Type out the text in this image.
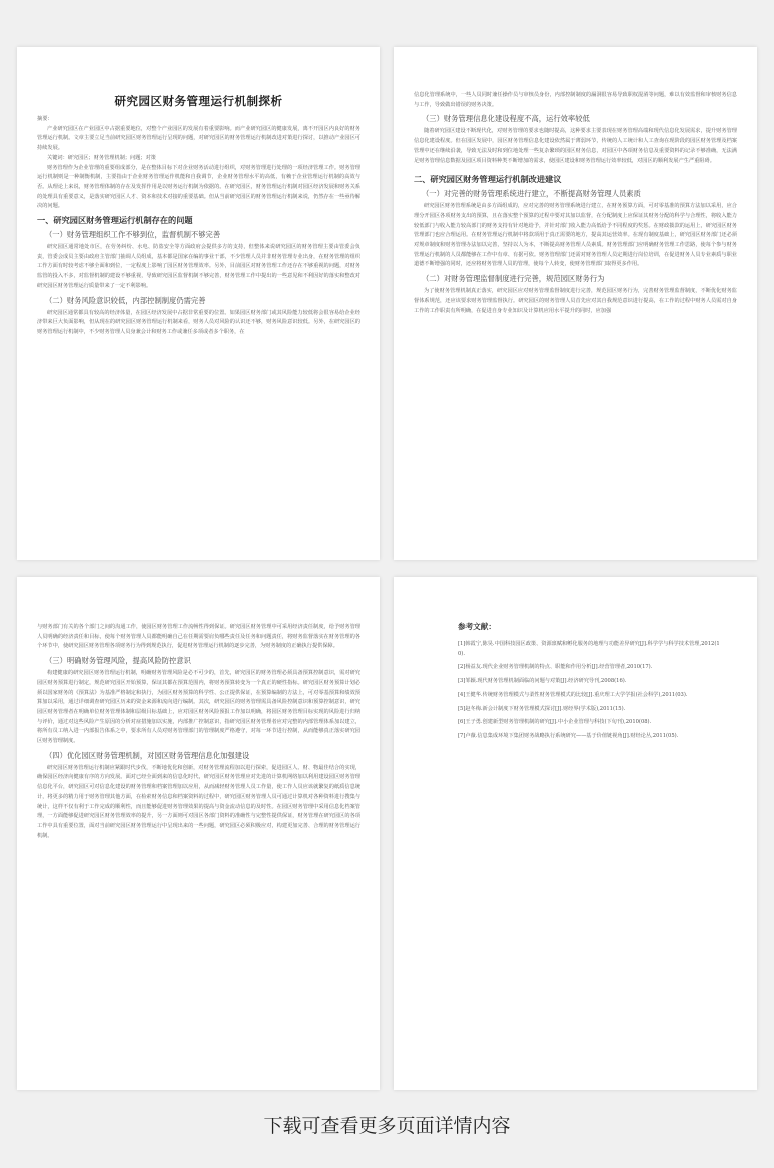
研究园区财务管理运行机制探析

摘要：

产业研究园区在产业园区中占据重要地位，对整个产业园区的发展有着重要影响。而产业研究园区的健康发展，离不开园区内良好的财务管理运行机制。文章主要立足当前研究园区财务管理运行呈现的问题，对研究园区的财务管理运行机制改进对策进行探讨，以推动产业园区可持续发展。

关键词：研究园区；财务管理机制；问题；对策

财务管理作为企业管理的重要组成部分，是在整体目标下对企业财务活动进行组织，对财务管理进行处理的一项经济管理工作。财务管理运行机制则是一种制衡机制，主要指由于企业财务管理运作机能和自我调节，企业财务管理水平的高低，有赖于企业管理运行机制的高效与否。从理论上来说，财务管理体制的存在及发挥作用是以财务运行机制为依据的。在研究园区，财务管理运行机制对园区经济发展和财务关系的处理具有重要意义，是落实研究园区人才、资本和技术对接的重要基础。但从当前研究园区的财务管理运行机制来说，仍然存在一些亟待解决的问题。

一、研究园区财务管理运行机制存在的问题
（一）财务管理组织工作不够到位，监督机制不够完善

研究园区通常地处市区，在劳务纠纷、水电、防盗安全等方面政府会提供多方的支持，但整体来说研究园区的财务管理主要由管委会负责，管委会成员主要由政府主管部门抽调人员组成，基本都是国家在编的事业干部，不少管理人员并非财务管理专业出身，在财务管理的组织工作方面有时较考虑不够全面和到位，一定程度上影响了园区财务管理效率。另外，目前园区对财务管理工作还存在不够重视的问题，对财务监管的投入不多，对监督机制的建设不够重视，导致研究园区监督机制不够完善，财务管理工作中提出的一些意见和不利因好的落实和整改对研究园区财务管理运行质量带来了一定不利影响。

（二）财务风险意识较低，内部控制制度仍需完善

研究园区通常都具有较高的经济体量，在园区经济发展中占据非常重要的位置。如果园区财务部门或其风险能力较低将会很容易给企业经济带来巨大负面影响，但从现在的研究园区财务管理运行机制来看，财务人员对风险的认识还不够，财务风险意识较低。另外，在研究园区的财务管理运行机制中，不少财务管理人员身兼会计和财务工作或兼任多项或者多个职务，在

信息化管理系统中，一些人员同时兼任操作员与审核员身份，内部控制制度的漏洞很容易导致职权混淆等问题，难以有效监督和审核财务信息与工作，导致做出错误的财务决策。

（三）财务管理信息化建设程度不高，运行效率较低

随着研究园区建设不断现代化，对财务管理的要求也随时提高，这种要求主要表现在财务管理高端和现代信息化发展需求，提升财务管理信息化建设程度。但在园区发展中，园区财务管理信息化建设依然属于薄弱环节，传统的人工统计和人工查询在现阶段的园区财务管理及档案管理中还在继续沿袭，导致无法及时和到位地处理一些复杂繁琐的园区财务信息，对园区中各项财务信息及重要资料的记录不够准确，无法满足财务管理信息数据及园区项目资料种类不断增加的需求，使园区建设和财务管理运行效率较低，对园区的顺利发展产生严重阻碍。

二、研究园区财务管理运行机制改进建议
（一）对完善的财务管理系统进行建立，不断提高财务管理人员素质

研究园区财务管理系统是由多方面组成的，应对完善的财务管理系统进行建立，在财务预算方面，可对零基准的预算方法加以采用，应合理分开园区各项财务支出的预算，且在落实整个预算的过程中要对其加以监督，在分配制度上应保证其财务分配的科学与合理性，将收入能力较低部门与收入能力较高部门的财务支持有针对地给予，并针对部门收入能力高低给予不同程度的奖惩。在财政拨款的运用上，研究园区财务管理部门也应合理运用。在财务管理运行机制中将款项用于真正需要的地方，提高其运营效率。在现有制度基础上，研究园区财务部门还必须对规章制度和财务管理办法加以完善，坚持以人为本，不断提高财务管理人员素质。财务管理部门应明确财务管理工作思路，使每个参与财务管理运行机制的人员都能够在工作中有章、有据可依。财务管理部门还需对财务管理人员定期进行岗位培训，在促进财务人员专业素质与职业道德不断增强的同时，还应将财务管理人员的管理，使每个人转变，使财务管理部门取得更多作用。

（二）对财务管理监督制度进行完善，规范园区财务行为

为了使财务管理机制真正落实，研究园区应对财务管理监督制度进行完善，规范园区财务行为，完善财务管理监督制度，不断优化财务监督体系规范，还应该要求财务管理监督执行。研究园区的财务管理人员首先应对其自我规范意识进行提高，在工作的过程中财务人员需对自身工作的工作职责有所明确，在促进自身专业知识及计算机应用水平提升的同时，应加强

与财务部门有关的各个部门之间的沟通工作，使园区财务管理工作流畅性得到保证。研究园区财务管理中可采用经济责任制度，给予财务管理人员明确的经济责任和目标，使每个财务管理人员都能明确自己在任期需要肩负哪些责任及任务和问题责任，将财务监督落实在财务管理的各个环节中，使研究园区财务管理各项财务行为得到规范执行，促进财务管理运行机制的逐步完善，为财务制度的正确执行提供保障。

（三）明确财务管理风险，提高风险防控意识

构建健康的研究园区财务管理运行机制，明确财务管理风险是必不可少的，首先，研究园区的财务管理必须具备预算控制意识，需对研究园区财务预算进行制定，规范研究园区开始预算，保证其都在预算范围内，将财务预算转变为一个真正的硬性指标。研究园区财务预算计划必须以国家财务的《预算法》为基准严格制定和执行，为园区财务预算的科学性、公正提供保证，在预算编制的方法上，可对零基预算和绩效预算加以采用，通过详细调查研究园区历来的资金来源和流向进行编制。其次，研究园区的财务管理需具备风险控制意识和预算控制意识，研究园区财务管理者在明确单位财务管理体制和层级目标基础上，应对园区财务风险预报工作加以明确，将园区财务管理目标实现的风险进行归纳与评价，通过对这些风险产生原因的分析对症措施加以实施，内部推广控制意识，指研究园区财务管理者应对完整的内部管理体系加以建立，将所有员工纳入进一内部报告体系之中，要求所有人员对财务管理部门的管理制度严格遵守，对每一环节进行控制，从而能够真正落实研究园区财务管理制度。

（四）优化园区财务管理机制，对园区财务管理信息化加强建设

研究园区财务管理运行机制应紧跟时代步伐，不断地优化和创新，对财务管理流程加以进行探索，促进园区人、财、物最佳结合的实现，确保园区经济向健康有序的方向发展。面对已经全面到来的信息化时代，研究园区财务管理应对先进的计算机网络加以利用建设园区财务管理信息化平台，研究园区可对信息化建设的财务管理和档案管理加以应用，从而减轻财务管理人员工作量，使工作人员应该就繁复的纸质信息统计，将更多的精力用于财务管理其他方面，在检索财务信息和档案资料的过程中，研究园区财务管理人员可通过计算机对各种资料进行搜集与统计，这样不仅有利于工作完成的顺利性，而且能够促进财务管理效果的提高与资金流动信息的及时性。在园区财务管理中采用信息化档案管理，一方面能够促进研究园区财务管理效率的提升，另一方面则可对园区各部门资料的准确性与完整性提供保证，财务管理在研究园区的各项工作中具有重要位置，面对当前研究园区财务管理运行中呈现出来的一些问题，研究园区必须积极应对，构建更加完善、合理的财务管理运行机制。

参考文献：
[1]韩霞宁,陈昊.中国科技园区政策、资源禀赋和孵化服务的地理与功能差异研究[J].科学学与科学技术管理,2012(10).
[2]杨益友.现代企业财务管理机制的特点、职能和作用分析[J].经营管理者,2010(17).
[3]邹颖.现代财务管理机制面临的问题与对策[J].经济研究导刊,2008(16).
[4]王健华.传统财务管理模式与柔性财务管理模式的比较[J].重庆理工大学学报(社会科学),2011(03).
[5]赵冬梅.新会计制度下财务管理模式探讨[J].财经界(学术版),2011(15).
[6]王子勇.创建新型财务管理机制的研究[J].中小企业管理与科技(下旬刊),2010(08).
[7]卢薇.信息集成环境下集团财务战略执行系统研究——基于价值链视角[J].财经论丛,2011(05).
下载可查看更多页面详情内容
